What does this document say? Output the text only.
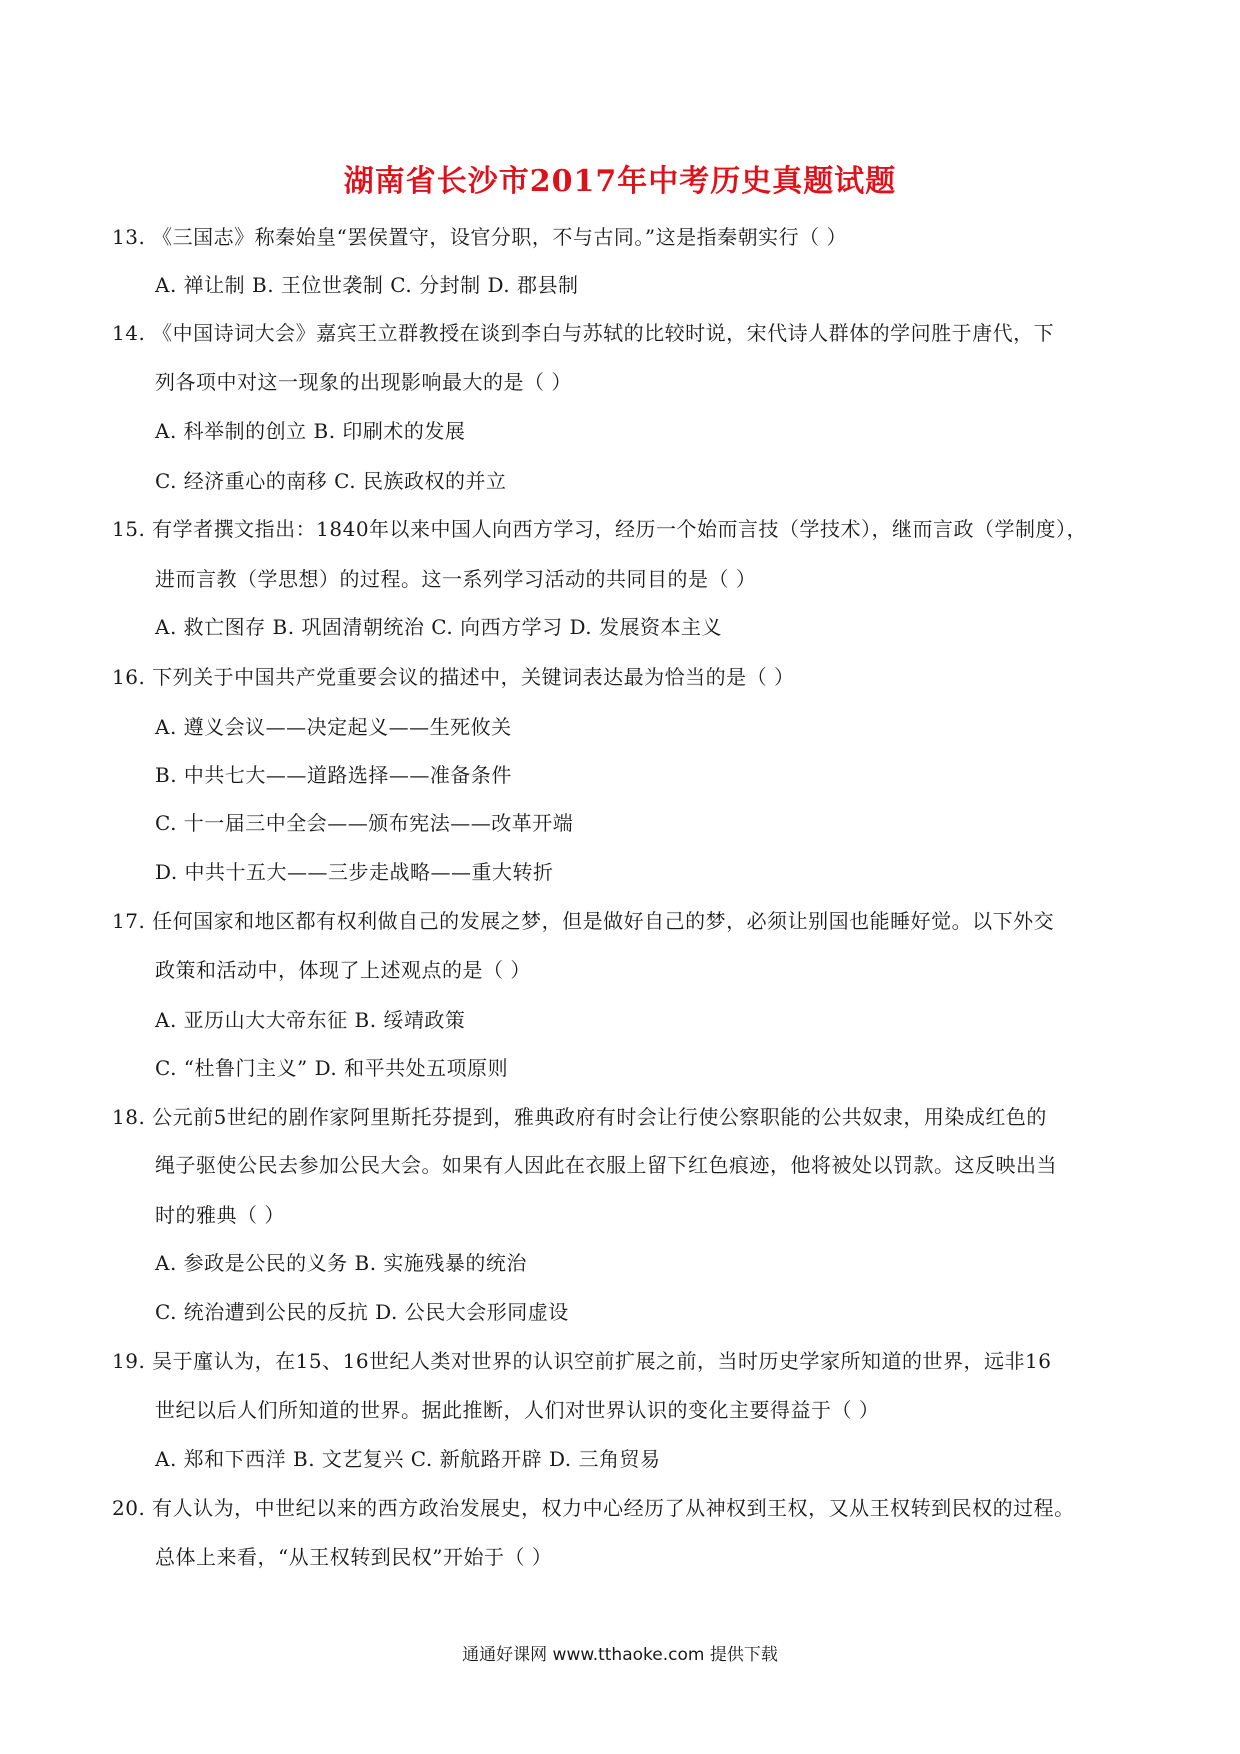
湖南省长沙市2017年中考历史真题试题
13. 《三国志》称秦始皇“罢侯置守，设官分职，不与古同。”这是指秦朝实行（ ）
A. 禅让制 B. 王位世袭制 C. 分封制 D. 郡县制
14. 《中国诗词大会》嘉宾王立群教授在谈到李白与苏轼的比较时说，宋代诗人群体的学问胜于唐代，下
列各项中对这一现象的出现影响最大的是（ ）
A. 科举制的创立 B. 印刷术的发展
C. 经济重心的南移 C. 民族政权的并立
15. 有学者撰文指出：1840年以来中国人向西方学习，经历一个始而言技（学技术），继而言政（学制度），
进而言教（学思想）的过程。这一系列学习活动的共同目的是（ ）
A. 救亡图存 B. 巩固清朝统治 C. 向西方学习 D. 发展资本主义
16. 下列关于中国共产党重要会议的描述中，关键词表达最为恰当的是（ ）
A. 遵义会议——决定起义——生死攸关
B. 中共七大——道路选择——准备条件
C. 十一届三中全会——颁布宪法——改革开端
D. 中共十五大——三步走战略——重大转折
17. 任何国家和地区都有权利做自己的发展之梦，但是做好自己的梦，必须让别国也能睡好觉。以下外交
政策和活动中，体现了上述观点的是（ ）
A. 亚历山大大帝东征 B. 绥靖政策
C. “杜鲁门主义” D. 和平共处五项原则
18. 公元前5世纪的剧作家阿里斯托芬提到，雅典政府有时会让行使公察职能的公共奴隶，用染成红色的
绳子驱使公民去参加公民大会。如果有人因此在衣服上留下红色痕迹，他将被处以罚款。这反映出当
时的雅典（ ）
A. 参政是公民的义务 B. 实施残暴的统治
C. 统治遭到公民的反抗 D. 公民大会形同虚设
19. 吴于廑认为，在15、16世纪人类对世界的认识空前扩展之前，当时历史学家所知道的世界，远非16
世纪以后人们所知道的世界。据此推断，人们对世界认识的变化主要得益于（ ）
A. 郑和下西洋 B. 文艺复兴 C. 新航路开辟 D. 三角贸易
20. 有人认为，中世纪以来的西方政治发展史，权力中心经历了从神权到王权，又从王权转到民权的过程。
总体上来看，“从王权转到民权”开始于（ ）
通通好课网 www.tthaoke.com 提供下载
